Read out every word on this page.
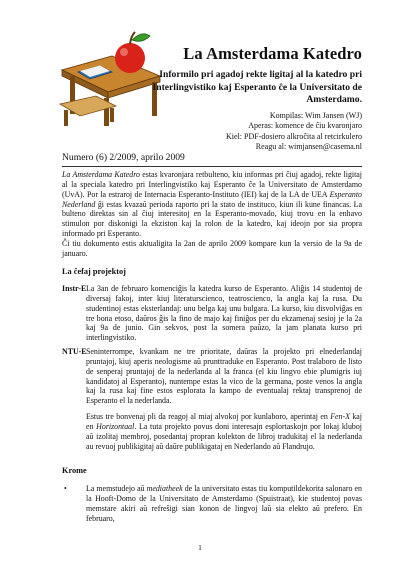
La Amsterdama Katedro

Informilo pri agadoj rekte ligitaj al la katedro pri Interlingvistiko kaj Esperanto ĉe la Universitato de Amsterdamo.

Kompilas: Wim Jansen (WJ)
Aperas: komence de ĉiu kvaronjaro
Kiel: PDF-dosiero alkroĉita al retcirkulero
Reagu al: wimjansen@casema.nl
Numero (6) 2/2009, aprilo 2009

La Amsterdama Katedro estas kvaronjara retbulteno, kiu informas pri ĉiuj agadoj, rekte ligitaj al la speciala katedro pri Interlingvistiko kaj Esperanto ĉe la Universitato de Amsterdamo (UvA). Por la estraroj de Internacia Esperanto-Instituto (IEI) kaj de la LA de UEA Esperanto Nederland ĝi estas kvazaŭ perioda raporto pri la stato de instituco, kiun ili kune financas. La bulteno direktas sin al ĉiuj interesitoj en la Esperanto-movado, kiuj trovu en la enhavo stimulon por diskonigi la ekziston kaj la rolon de la katedro, kaj ideojn por sia propra informado pri Esperanto.

Ĉi tiu dokumento estis aktualigita la 2an de aprilo 2009 kompare kun la versio de la 9a de januaro.

La ĉefaj projektoj
Instr-E La 3an de februaro komenciĝis la katedra kurso de Esperanto. Aliĝis 14 studentoj de diversaj fakoj, inter kiuj literaturscienco, teatroscienco, la angla kaj la rusa. Du studentinoj estas eksterlandaj: unu belga kaj unu bulgara. La kurso, kiu disvolviĝas en tre bona etoso, daŭros ĝis la fino de majo kaj finiĝos per du ekzamenaj sesioj je la 2a kaj 9a de junio. Gin sekvos, post la somera paŭzo, la jam planata kurso pri interlingvistiko.
NTU-E Seninterrompe, kvankam ne tre prioritate, daŭras la projekto pri elnederlandaj pruntajoj, kiuj aperis neologisme aŭ prunttradukе en Esperanto. Post tralaboro de listo de senperaj pruntajoj de la nederlanda al la franca (el kiu lingvo ebie plumigris iuj kandidatoj al Esperanto), nuntempe estas la vico de la germana, poste venos la angla kaj la rusa kaj fine estos esplorata la kampo de eventualaj rektaj transprenoj de Esperanto el la nederlanda.

Estus tre bonvenaj pli da reagoj al miaj alvokoj por kunlaboro, aperintaj en Fen-X kaj en Horizontaal. La tuta projekto povus doni interesajn esplortaskojn por lokaj kluboj aŭ izolitaj membroj, posedantaj propran kolekton de libroj tradukitaj el la nederlanda au revuoj publikigitaj aŭ daŭre publikigataj en Nederlando aŭ Flandrujo.

Krome
• La memstudejo aŭ mediatheek de la universitato estas tiu komputildekorita salonaro en la Hooft-Domo de la Universitato de Amsterdamo (Spuistraat), kie studentoj povas memstare akiri aŭ refreŝigi sian konon de lingvoj laŭ sia elekto aŭ prefero. En februaro,
1
